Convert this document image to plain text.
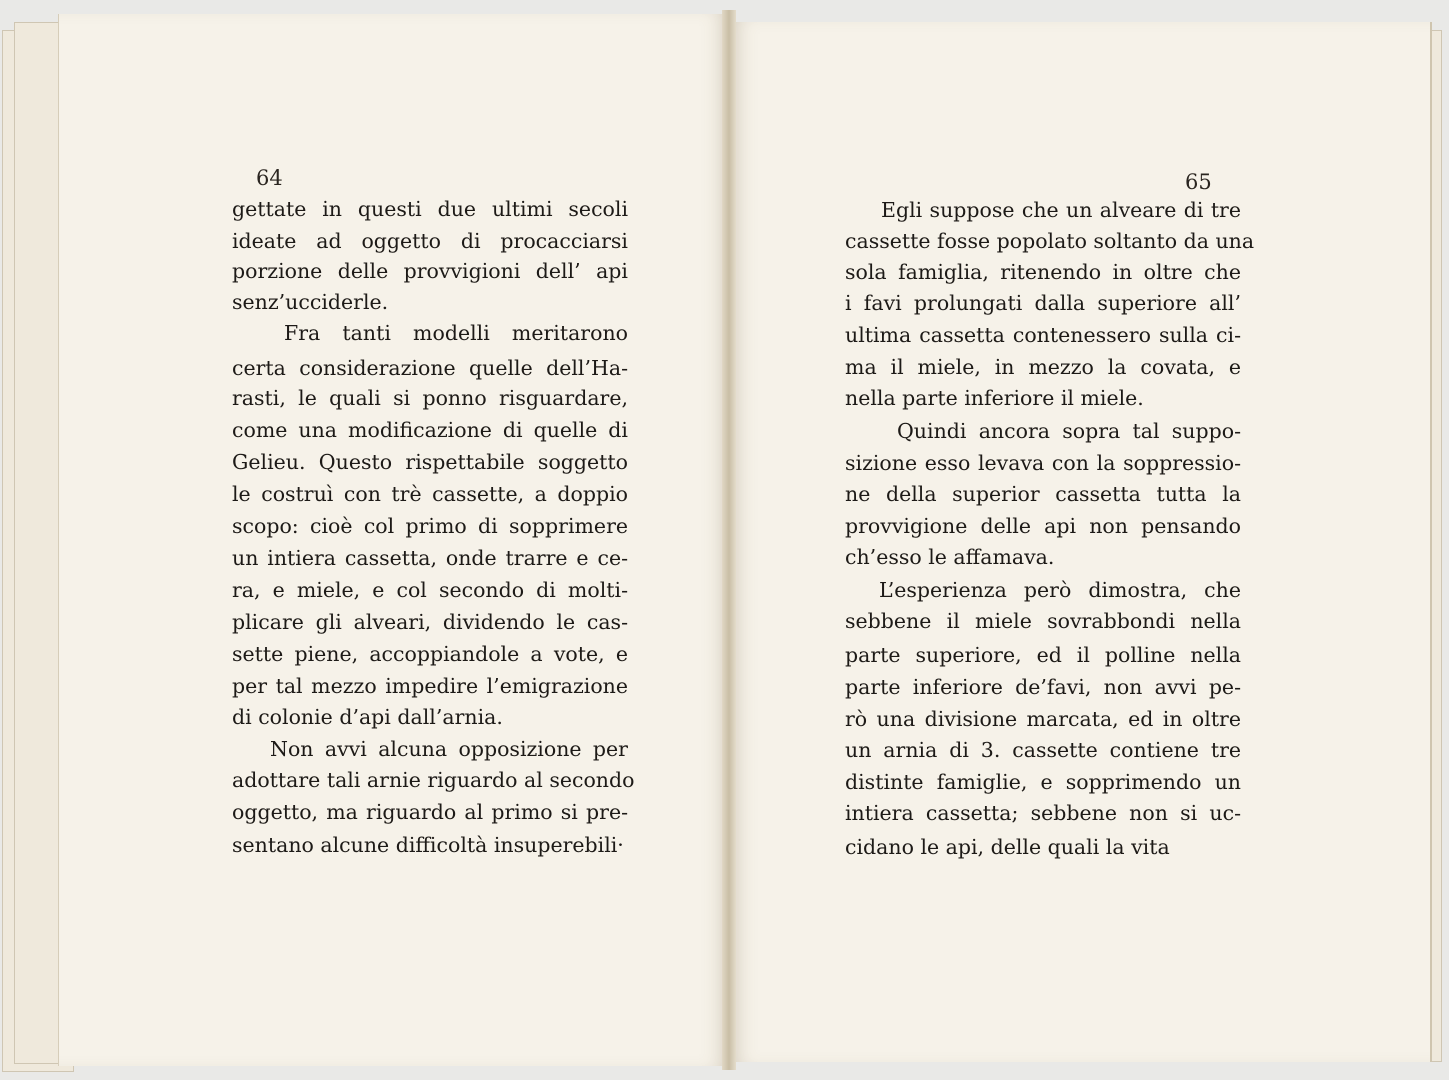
64	65
gettate in questi due ultimi secoli
ideate ad oggetto di procacciarsi
porzione delle provvigioni dell’ api
senz’ucciderle.
Fra tanti modelli meritarono
certa considerazione quelle dell’Ha-
rasti, le quali si ponno risguardare,
come una modificazione di quelle di
Gelieu. Questo rispettabile soggetto
le costruì con trè cassette, a doppio
scopo: cioè col primo di sopprimere
un intiera cassetta, onde trarre e ce-
ra, e miele, e col secondo di molti-
plicare gli alveari, dividendo le cas-
sette piene, accoppiandole a vote, e
per tal mezzo impedire l’emigrazione
di colonie d’api dall’arnia.
Non avvi alcuna opposizione per
adottare tali arnie riguardo al secondo
oggetto, ma riguardo al primo si pre-
sentano alcune difficoltà insuperebili·
Egli suppose che un alveare di tre
cassette fosse popolato soltanto da una
sola famiglia, ritenendo in oltre che
i favi prolungati dalla superiore all’
ultima cassetta contenessero sulla ci-
ma il miele, in mezzo la covata, e
nella parte inferiore il miele.
Quindi ancora sopra tal suppo-
sizione esso levava con la soppressio-
ne della superior cassetta tutta la
provvigione delle api non pensando
ch’esso le affamava.
L’esperienza però dimostra, che
sebbene il miele sovrabbondi nella
parte superiore, ed il polline nella
parte inferiore de’favi, non avvi pe-
rò una divisione marcata, ed in oltre
un arnia di 3. cassette contiene tre
distinte famiglie, e sopprimendo un
intiera cassetta; sebbene non si uc-
cidano le api, delle quali la vita
